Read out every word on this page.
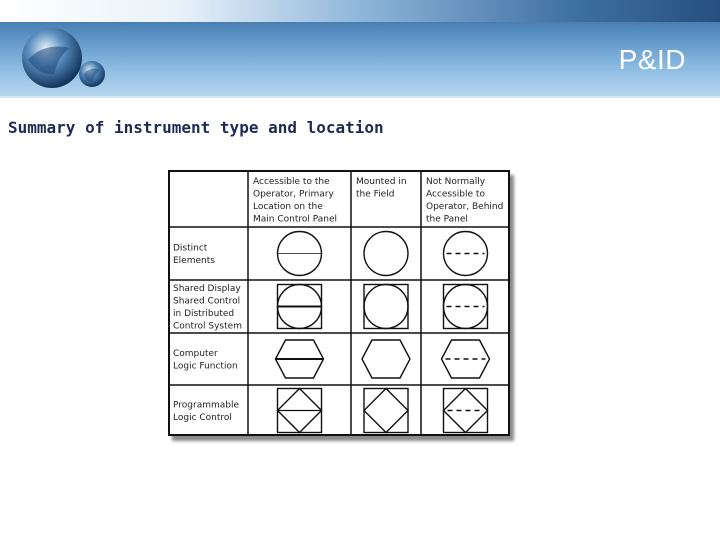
P&ID
Summary of instrument type and location
Accessible to the
Operator, Primary
Location on the
Main Control Panel
Mounted in
the Field
Not Normally
Accessible to
Operator, Behind
the Panel
Distinct
Elements
Shared Display
Shared Control
in Distributed
Control System
Computer
Logic Function
Programmable
Logic Control
